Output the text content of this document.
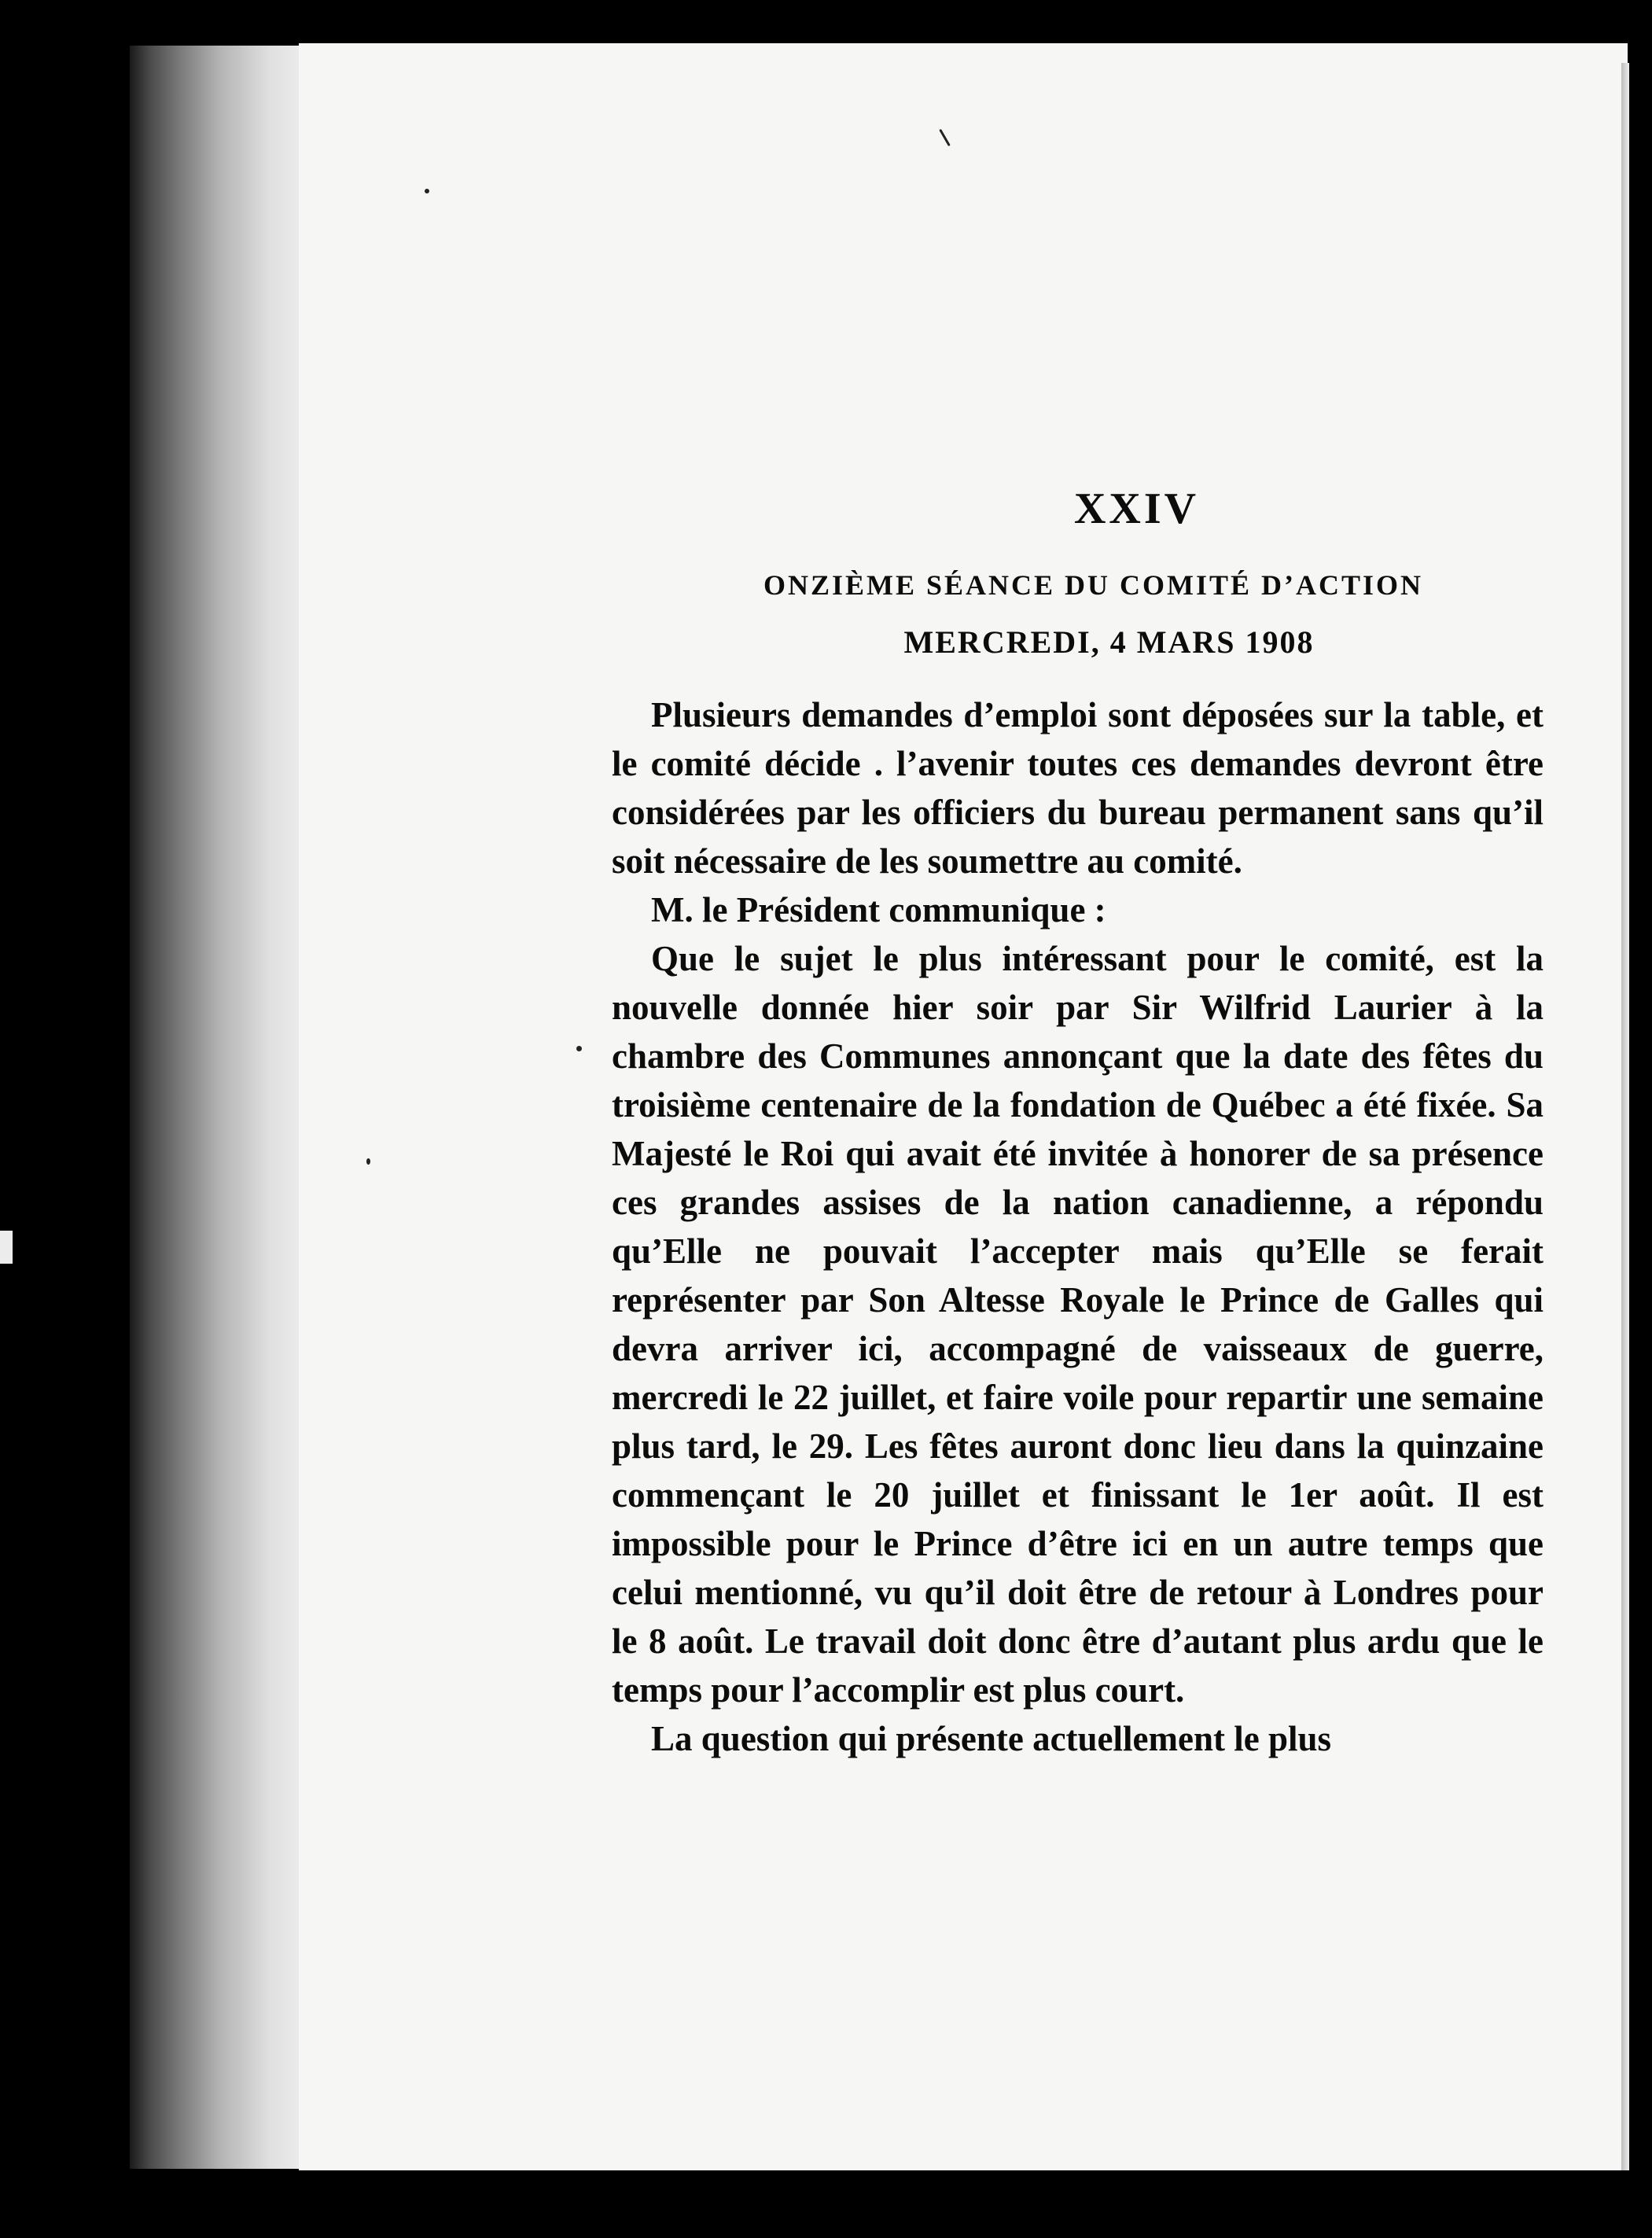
XXIV
ONZIÈME SÉANCE DU COMITÉ D’ACTION
MERCREDI, 4 MARS 1908

Plusieurs demandes d’emploi sont déposées sur la table, et le comité décide . l’avenir toutes ces demandes devront être considérées par les officiers du bureau permanent sans qu’il soit nécessaire de les soumettre au comité.

M. le Président communique :

Que le sujet le plus intéressant pour le comité, est la nouvelle donnée hier soir par Sir Wilfrid Laurier à la chambre des Communes annonçant que la date des fêtes du troisième centenaire de la fondation de Québec a été fixée. Sa Majesté le Roi qui avait été invitée à honorer de sa présence ces grandes assises de la nation canadienne, a répondu qu’Elle ne pouvait l’accepter mais qu’Elle se ferait représenter par Son Altesse Royale le Prince de Galles qui devra arriver ici, accompagné de vaisseaux de guerre, mercredi le 22 juillet, et faire voile pour repartir une semaine plus tard, le 29. Les fêtes auront donc lieu dans la quinzaine commençant le 20 juillet et finissant le 1er août. Il est impossible pour le Prince d’être ici en un autre temps que celui mentionné, vu qu’il doit être de retour à Londres pour le 8 août. Le travail doit donc être d’autant plus ardu que le temps pour l’accomplir est plus court.

La question qui présente actuellement le plus
